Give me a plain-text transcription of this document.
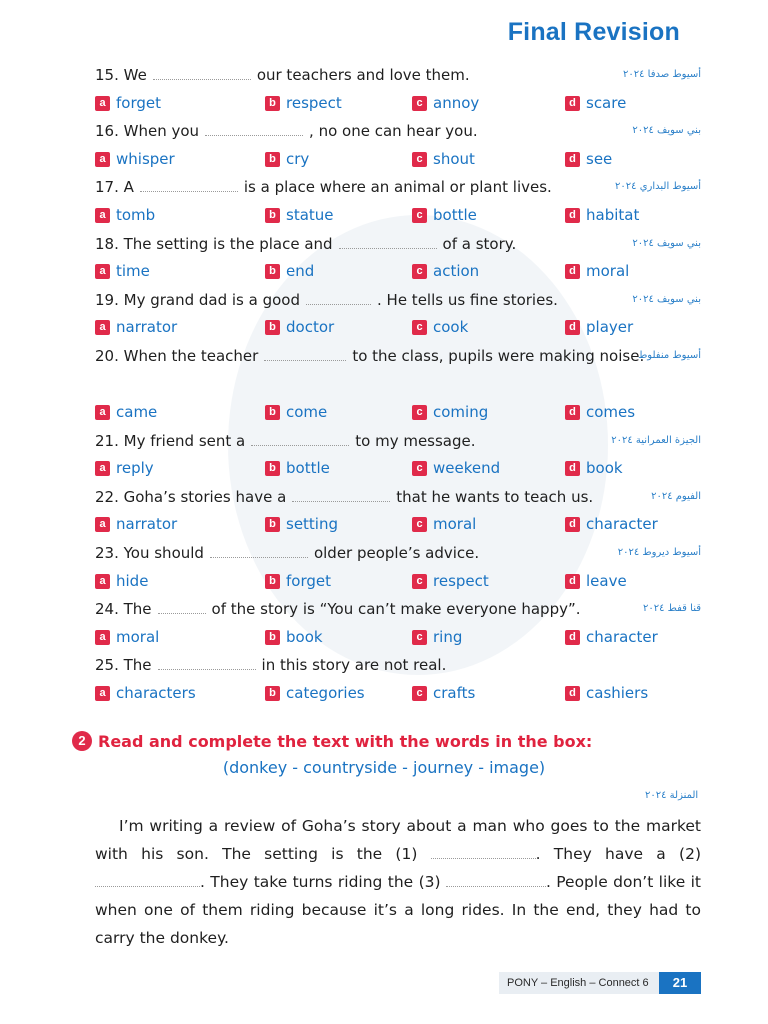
Final Revision
15. We	our teachers and love them.	أسيوط صدفا ٢٠٢٤
a forget	b respect	c annoy	d scare
16. When you	, no one can hear you.	بني سويف ٢٠٢٤
a whisper	b cry	c shout	d see
17. A	is a place where an animal or plant lives.	أسيوط البداري ٢٠٢٤
a tomb	b statue	c bottle	d habitat
18. The setting is the place and	of a story.	بني سويف ٢٠٢٤
a time	b end	c action	d moral
19. My grand dad is a good	. He tells us fine stories.	بني سويف ٢٠٢٤
a narrator	b doctor	c cook	d player
20. When the teacher	to the class, pupils were making noise.
أسيوط منفلوط
a came	b come	c coming	d comes
21. My friend sent a	to my message.	الجيزة العمرانية ٢٠٢٤
a reply	b bottle	c weekend	d book
22. Goha’s stories have a	that he wants to teach us.	الفيوم ٢٠٢٤
a narrator	b setting	c moral	d character
23. You should	older people’s advice.	أسيوط ديروط ٢٠٢٤
a hide	b forget	c respect	d leave
24. The	of the story is “You can’t make everyone happy”.	قنا قفط ٢٠٢٤
a moral	b book	c ring	d character
25. The	in this story are not real.
a characters	b categories	c crafts	d cashiers
2 Read and complete the text with the words in the box:
(donkey - countryside - journey - image)
المنزلة ٢٠٢٤
I’m writing a review of Goha’s story about a man who goes to the market with his son. The setting is the (1)	. They have a (2) . They take turns riding the (3)	. People don’t like it when one of them riding because it’s a long rides. In the end, they had to carry the donkey.
PONY – English – Connect 6	21
